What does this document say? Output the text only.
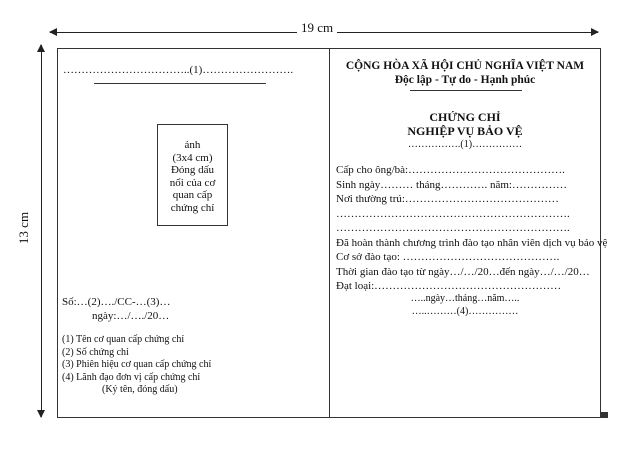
19 cm
13 cm
……………………………..(1)…………………….
ảnh
(3x4 cm)
Đóng dấu
nổi của cơ
quan cấp
chứng chỉ
Số:…(2)…./CC-…(3)…
ngày:…/…./20…
(1) Tên cơ quan cấp chứng chỉ
(2) Số chứng chỉ
(3) Phiên hiệu cơ quan cấp chứng chỉ
(4) Lãnh đạo đơn vị cấp chứng chỉ
(Ký tên, đóng dấu)
CỘNG HÒA XÃ HỘI CHỦ NGHĨA VIỆT NAM
Độc lập - Tự do - Hạnh phúc
CHỨNG CHỈ
NGHIỆP VỤ BẢO VỆ
…………….(1)……………
Cấp cho ông/bà:…………………………………….
Sinh ngày……… tháng…………. năm:……………
Nơi thường trú:……………………………………
……………………………………………………….
……………………………………………………….
Đã hoàn thành chương trình đào tạo nhân viên dịch vụ bảo vệ
Cơ sở đào tạo: …………………………………….
Thời gian đào tạo từ ngày…/…/20…đến ngày…/…/20…
Đạt loại:……………………………………………
…..ngày…tháng…năm…..
…..………(4)……………
